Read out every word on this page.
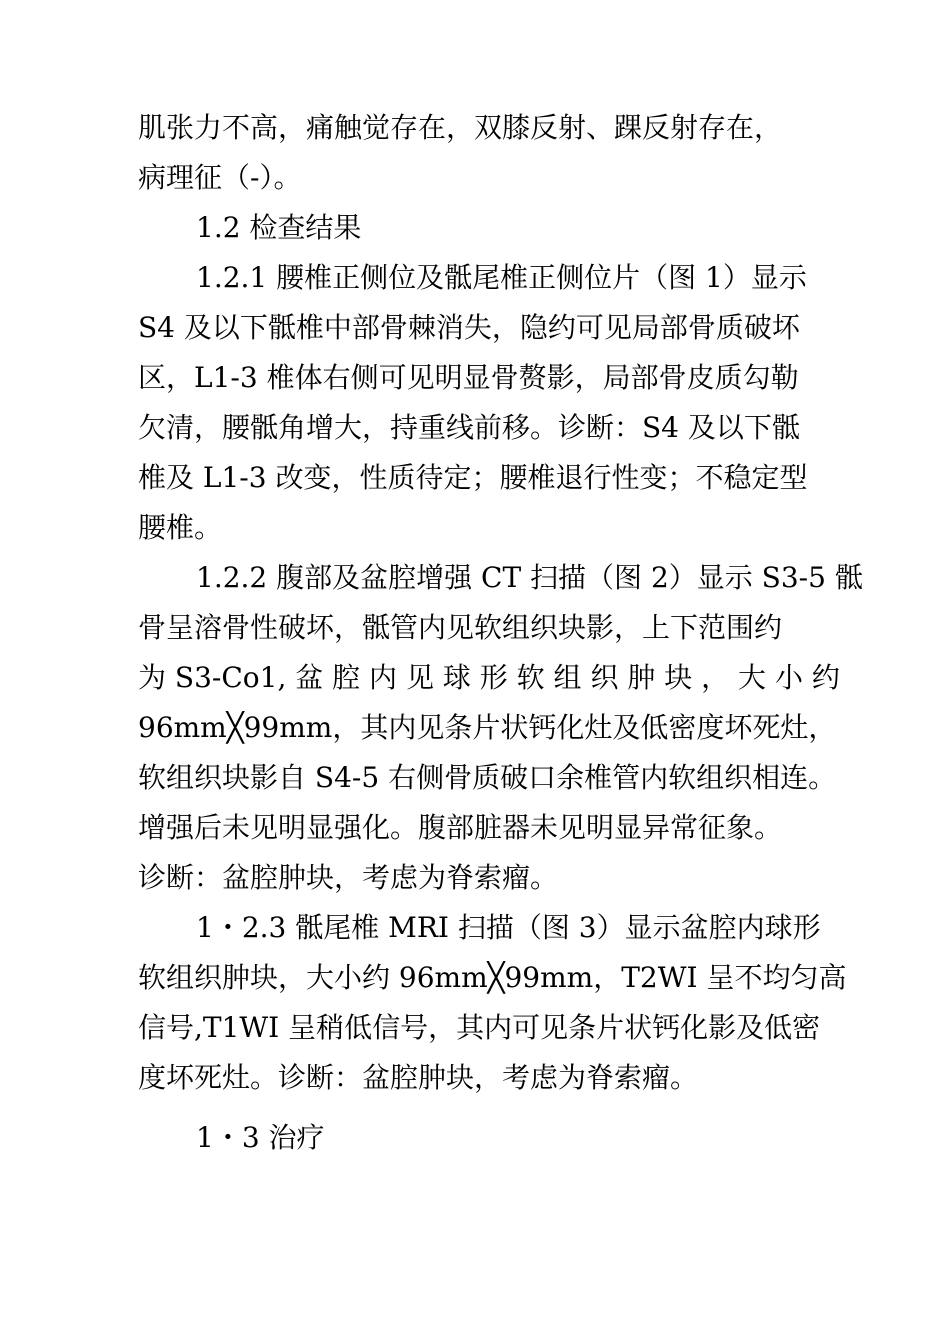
肌张力不高，痛触觉存在，双膝反射、踝反射存在，
病理征（-）。
1.2 检查结果
1.2.1 腰椎正侧位及骶尾椎正侧位片（图 1）显示
S4 及以下骶椎中部骨棘消失，隐约可见局部骨质破坏
区，L1-3 椎体右侧可见明显骨赘影，局部骨皮质勾勒
欠清，腰骶角增大，持重线前移。诊断：S4 及以下骶
椎及 L1-3 改变，性质待定；腰椎退行性变；不稳定型
腰椎。
1.2.2 腹部及盆腔增强 CT 扫描（图 2）显示 S3-5 骶
骨呈溶骨性破坏，骶管内见软组织块影，上下范围约
为 S3-Co1, 盆 腔 内 见 球 形 软 组 织 肿 块 ， 大 小 约
96mm╳99mm，其内见条片状钙化灶及低密度坏死灶，
软组织块影自 S4-5 右侧骨质破口余椎管内软组织相连。
增强后未见明显强化。腹部脏器未见明显异常征象。
诊断：盆腔肿块，考虑为脊索瘤。
1・2.3 骶尾椎 MRI 扫描（图 3）显示盆腔内球形
软组织肿块，大小约 96mm╳99mm，T2WI 呈不均匀高
信号,T1WI 呈稍低信号，其内可见条片状钙化影及低密
度坏死灶。诊断：盆腔肿块，考虑为脊索瘤。
1・3 治疗
